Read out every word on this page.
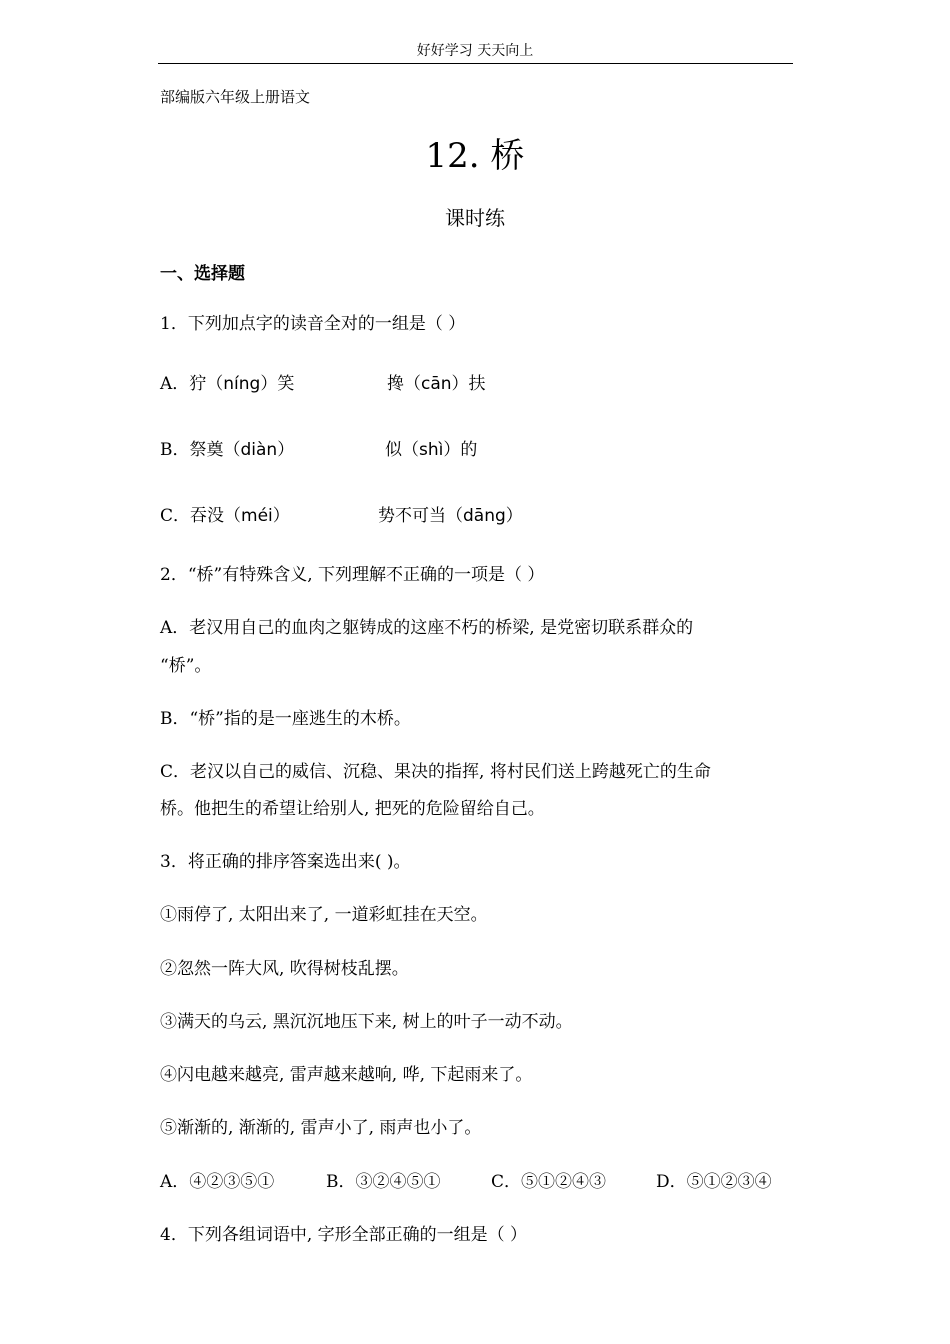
好好学习 天天向上
部编版六年级上册语文
12. 桥
课时练
一、选择题
1．下列加点字的读音全对的一组是（ ）
A．狞（níng）笑	搀（cān）扶
B．祭奠（diàn）	似（shì）的
C．吞没（méi）	势不可当（dāng）
2．“桥”有特殊含义, 下列理解不正确的一项是（ ）
A．老汉用自己的血肉之躯铸成的这座不朽的桥梁, 是党密切联系群众的
“桥”。
B．“桥”指的是一座逃生的木桥。
C．老汉以自己的威信、沉稳、果决的指挥, 将村民们送上跨越死亡的生命
桥。他把生的希望让给别人, 把死的危险留给自己。
3．将正确的排序答案选出来( )。
①雨停了, 太阳出来了, 一道彩虹挂在天空。
②忽然一阵大风, 吹得树枝乱摆。
③满天的乌云, 黑沉沉地压下来, 树上的叶子一动不动。
④闪电越来越亮, 雷声越来越响, 哗, 下起雨来了。
⑤渐渐的, 渐渐的, 雷声小了, 雨声也小了。
A．④②③⑤①	B．③②④⑤①	C．⑤①②④③	D．⑤①②③④
4．下列各组词语中, 字形全部正确的一组是（ ）
